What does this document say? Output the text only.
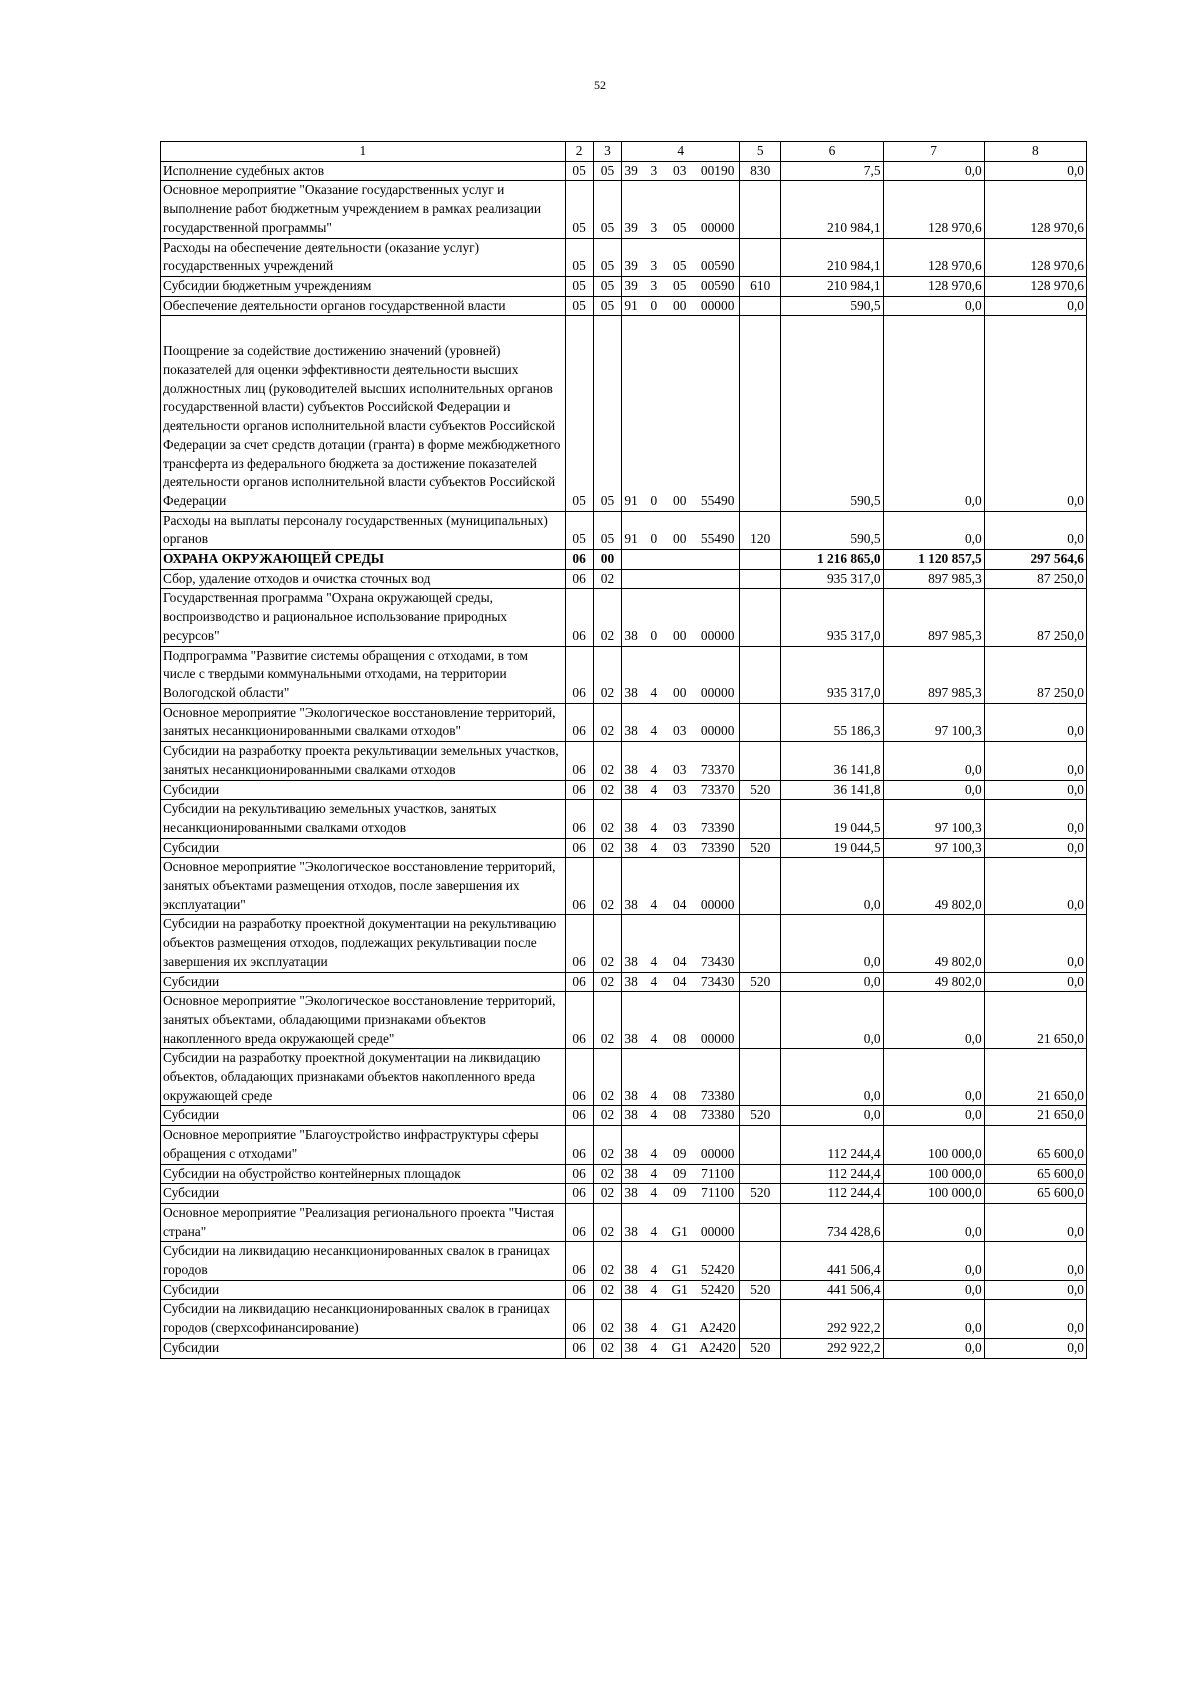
52
1	2	3	4				5	6	7	8
Исполнение судебных актов	05	05	39	3	03	00190	830	7,5	0,0	0,0
Основное мероприятие "Оказание государственных услуг и выполнение работ бюджетным учреждением в рамках реализации государственной программы"	05	05	39	3	05	00000		210 984,1	128 970,6	128 970,6
Расходы на обеспечение деятельности (оказание услуг) государственных учреждений	05	05	39	3	05	00590		210 984,1	128 970,6	128 970,6
Субсидии бюджетным учреждениям	05	05	39	3	05	00590	610	210 984,1	128 970,6	128 970,6
Обеспечение деятельности органов государственной власти	05	05	91	0	00	00000		590,5	0,0	0,0
Поощрение за содействие достижению значений (уровней) показателей для оценки эффективности деятельности высших должностных лиц (руководителей высших исполнительных органов государственной власти) субъектов Российской Федерации и деятельности органов исполнительной власти субъектов Российской Федерации за счет средств дотации (гранта) в форме межбюджетного трансферта из федерального бюджета за достижение показателей деятельности органов исполнительной власти субъектов Российской Федерации	05	05	91	0	00	55490		590,5	0,0	0,0
Расходы на выплаты персоналу государственных (муниципальных) органов	05	05	91	0	00	55490	120	590,5	0,0	0,0
ОХРАНА ОКРУЖАЮЩЕЙ СРЕДЫ	06	00						1 216 865,0	1 120 857,5	297 564,6
Сбор, удаление отходов и очистка сточных вод	06	02						935 317,0	897 985,3	87 250,0
Государственная программа "Охрана окружающей среды, воспроизводство и рациональное использование природных ресурсов"	06	02	38	0	00	00000		935 317,0	897 985,3	87 250,0
Подпрограмма "Развитие системы обращения с отходами, в том числе с твердыми коммунальными отходами, на территории Вологодской области"	06	02	38	4	00	00000		935 317,0	897 985,3	87 250,0
Основное мероприятие "Экологическое восстановление территорий, занятых несанкционированными свалками отходов"	06	02	38	4	03	00000		55 186,3	97 100,3	0,0
Субсидии на разработку проекта рекультивации земельных участков, занятых несанкционированными свалками отходов	06	02	38	4	03	73370		36 141,8	0,0	0,0
Субсидии	06	02	38	4	03	73370	520	36 141,8	0,0	0,0
Субсидии на рекультивацию земельных участков, занятых несанкционированными свалками отходов	06	02	38	4	03	73390		19 044,5	97 100,3	0,0
Субсидии	06	02	38	4	03	73390	520	19 044,5	97 100,3	0,0
Основное мероприятие "Экологическое восстановление территорий, занятых объектами размещения отходов, после завершения их эксплуатации"	06	02	38	4	04	00000		0,0	49 802,0	0,0
Субсидии на разработку проектной документации на рекультивацию объектов размещения отходов, подлежащих рекультивации после завершения их эксплуатации	06	02	38	4	04	73430		0,0	49 802,0	0,0
Субсидии	06	02	38	4	04	73430	520	0,0	49 802,0	0,0
Основное мероприятие "Экологическое восстановление территорий, занятых объектами, обладающими признаками объектов накопленного вреда окружающей среде"	06	02	38	4	08	00000		0,0	0,0	21 650,0
Субсидии на разработку проектной документации на ликвидацию объектов, обладающих признаками объектов накопленного вреда окружающей среде	06	02	38	4	08	73380		0,0	0,0	21 650,0
Субсидии	06	02	38	4	08	73380	520	0,0	0,0	21 650,0
Основное мероприятие "Благоустройство инфраструктуры сферы обращения с отходами"	06	02	38	4	09	00000		112 244,4	100 000,0	65 600,0
Субсидии на обустройство контейнерных площадок	06	02	38	4	09	71100		112 244,4	100 000,0	65 600,0
Субсидии	06	02	38	4	09	71100	520	112 244,4	100 000,0	65 600,0
Основное мероприятие "Реализация регионального проекта "Чистая страна"	06	02	38	4	G1	00000		734 428,6	0,0	0,0
Субсидии на ликвидацию несанкционированных свалок в границах городов	06	02	38	4	G1	52420		441 506,4	0,0	0,0
Субсидии	06	02	38	4	G1	52420	520	441 506,4	0,0	0,0
Субсидии на ликвидацию несанкционированных свалок в границах городов (сверхсофинансирование)	06	02	38	4	G1	A2420		292 922,2	0,0	0,0
Субсидии	06	02	38	4	G1	A2420	520	292 922,2	0,0	0,0
